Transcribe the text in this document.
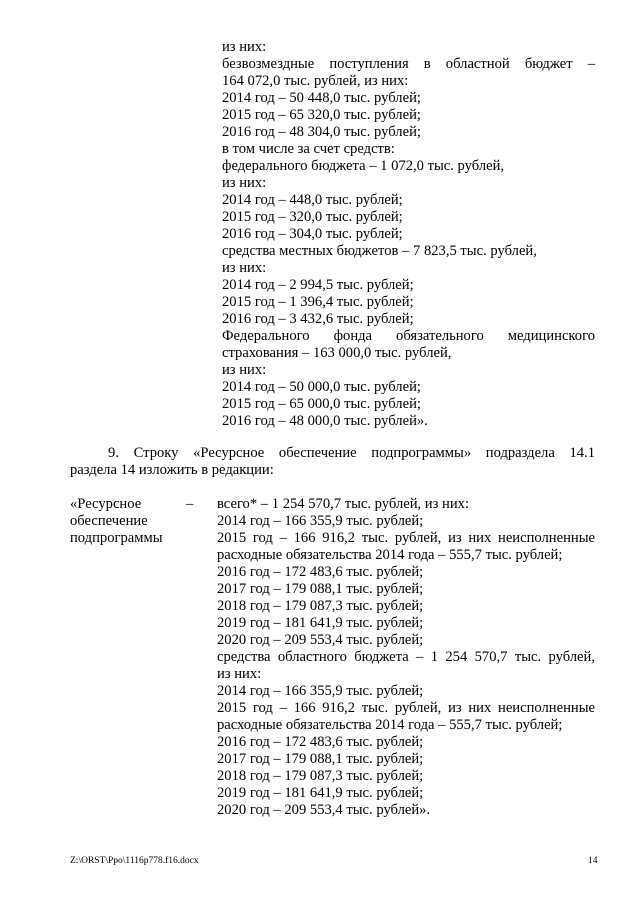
из них:
безвозмездные поступления в областной бюджет –
164 072,0 тыс. рублей, из них:
2014 год – 50 448,0 тыс. рублей;
2015 год – 65 320,0 тыс. рублей;
2016 год – 48 304,0 тыс. рублей;
в том числе за счет средств:
федерального бюджета – 1 072,0 тыс. рублей,
из них:
2014 год – 448,0 тыс. рублей;
2015 год – 320,0 тыс. рублей;
2016 год – 304,0 тыс. рублей;
средства местных бюджетов – 7 823,5 тыс. рублей,
из них:
2014 год – 2 994,5 тыс. рублей;
2015 год – 1 396,4 тыс. рублей;
2016 год – 3 432,6 тыс. рублей;
Федерального фонда обязательного медицинского
страхования – 163 000,0 тыс. рублей,
из них:
2014 год – 50 000,0 тыс. рублей;
2015 год – 65 000,0 тыс. рублей;
2016 год – 48 000,0 тыс. рублей».
9. Строку «Ресурсное обеспечение подпрограммы» подраздела 14.1
раздела 14 изложить в редакции:
«Ресурсное
обеспечение
подпрограммы
– всего* – 1 254 570,7 тыс. рублей, из них:
2014 год – 166 355,9 тыс. рублей;
2015 год – 166 916,2 тыс. рублей, из них неисполненные
расходные обязательства 2014 года – 555,7 тыс. рублей;
2016 год – 172 483,6 тыс. рублей;
2017 год – 179 088,1 тыс. рублей;
2018 год – 179 087,3 тыс. рублей;
2019 год – 181 641,9 тыс. рублей;
2020 год – 209 553,4 тыс. рублей;
средства областного бюджета – 1 254 570,7 тыс. рублей,
из них:
2014 год – 166 355,9 тыс. рублей;
2015 год – 166 916,2 тыс. рублей, из них неисполненные
расходные обязательства 2014 года – 555,7 тыс. рублей;
2016 год – 172 483,6 тыс. рублей;
2017 год – 179 088,1 тыс. рублей;
2018 год – 179 087,3 тыс. рублей;
2019 год – 181 641,9 тыс. рублей;
2020 год – 209 553,4 тыс. рублей».
Z:\ORST\Ppo\1116p778.f16.docx	14
